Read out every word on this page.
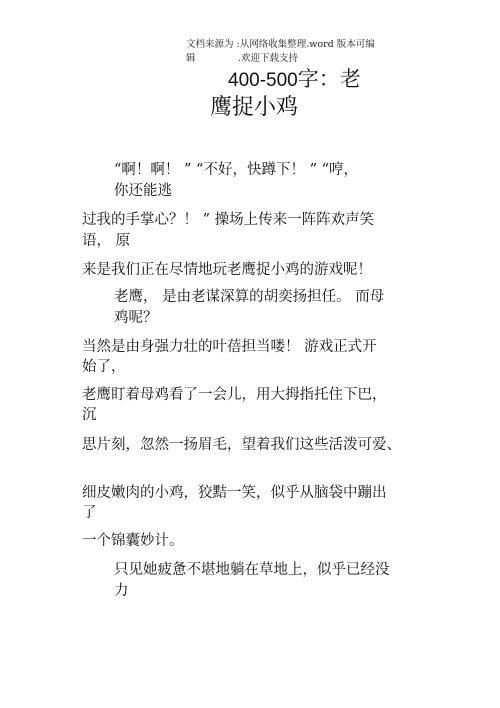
文档来源为 :从网络收集整理.word 版本可编
辑	.欢迎下载支持
400-500字：老
鹰捉小鸡
“啊！啊！ ” “不好，快蹲下！ ” “哼，
你还能逃
过我的手掌心？！ ” 操场上传来一阵阵欢声笑
语， 原
来是我们正在尽情地玩老鹰捉小鸡的游戏呢！
老鹰， 是由老谋深算的胡奕扬担任。 而母
鸡呢？
当然是由身强力壮的叶蓓担当喽！ 游戏正式开
始了，
老鹰盯着母鸡看了一会儿，用大拇指托住下巴，
沉
思片刻，忽然一扬眉毛，望着我们这些活泼可爱、
细皮嫩肉的小鸡，狡黠一笑，似乎从脑袋中蹦出
了
一个锦囊妙计。
只见她疲惫不堪地躺在草地上，似乎已经没
力
